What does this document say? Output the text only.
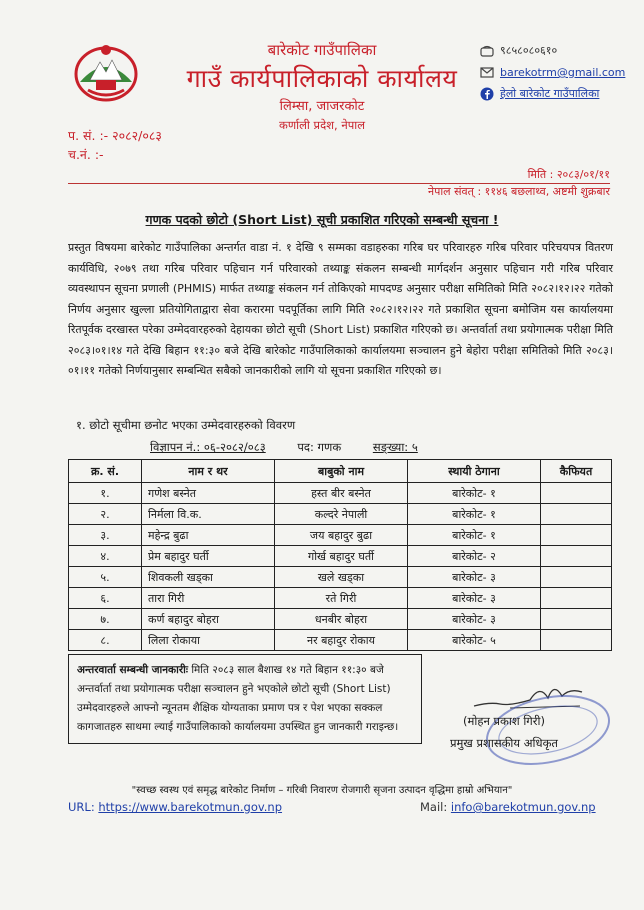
बारेकोट गाउँपालिका
गाउँ कार्यपालिकाको कार्यालय
लिम्सा, जाजरकोट
कर्णाली प्रदेश, नेपाल
९८५८०८०६१०
barekotrm@gmail.com
हेलो बारेकोट गाउँपालिका
प. सं. :- २०८२/०८३
च.नं. :-
मिति : २०८३/०१/११
नेपाल संवत् : ११४६ बछलाथ्व, अष्टमी शुक्रबार
गणक पदको छोटो (Short List) सूची प्रकाशित गरिएको सम्बन्धी सूचना !
प्रस्तुत विषयमा बारेकोट गाउँपालिका अन्तर्गत वाडा नं. १ देखि ९ सम्मका वडाहरुका गरिब घर परिवारहरु गरिब परिवार परिचयपत्र वितरण कार्यविधि, २०७९ तथा गरिब परिवार पहिचान गर्न परिवारको तथ्याङ्क संकलन सम्बन्धी मार्गदर्शन अनुसार पहिचान गरी गरिब परिवार व्यवस्थापन सूचना प्रणाली (PHMIS) मार्फत तथ्याङ्क संकलन गर्न तोकिएको मापदण्ड अनुसार परीक्षा समितिको मिति २०८२।१२।२२ गतेको निर्णय अनुसार खुल्ला प्रतियोगिताद्वारा सेवा करारमा पदपूर्तिका लागि मिति २०८२।१२।२२ गते प्रकाशित सूचना बमोजिम यस कार्यालयमा रितपूर्वक दरखास्त परेका उम्मेदवारहरुको देहायका छोटो सूची (Short List) प्रकाशित गरिएको छ। अन्तर्वार्ता तथा प्रयोगात्मक परीक्षा मिति २०८३।०१।१४ गते देखि बिहान ११:३० बजे देखि बारेकोट गाउँपालिकाको कार्यालयमा सञ्चालन हुने बेहोरा परीक्षा समितिको मिति २०८३।०१।११ गतेको निर्णयानुसार सम्बन्धित सबैको जानकारीको लागि यो सूचना प्रकाशित गरिएको छ।
१. छोटो सूचीमा छनोट भएका उम्मेदवारहरुको विवरण
विज्ञापन नं.: ०६-२०८२/०८३	पद: गणक	सङ्ख्या: ५
क्र. सं.	नाम र थर	बाबुको नाम	स्थायी ठेगाना	कैफियत
१.	गणेश बस्नेत	हस्त बीर बस्नेत	बारेकोट- १	
२.	निर्मला वि.क.	कल्दरे नेपाली	बारेकोट- १	
३.	महेन्द्र बुढा	जय बहादुर बुढा	बारेकोट- १	
४.	प्रेम बहादुर घर्ती	गोर्ख बहादुर घर्ती	बारेकोट- २	
५.	शिवकली खड्का	खले खड्का	बारेकोट- ३	
६.	तारा गिरी	रते गिरी	बारेकोट- ३	
७.	कर्ण बहादुर बोहरा	धनबीर बोहरा	बारेकोट- ३	
८.	लिला रोकाया	नर बहादुर रोकाय	बारेकोट- ५	
अन्तरवार्ता सम्बन्धी जानकारीः मिति २०८३ साल बैशाख १४ गते बिहान ११:३० बजे अन्तर्वार्ता तथा प्रयोगात्मक परीक्षा सञ्चालन हुने भएकोले छोटो सूची (Short List) उम्मेदवारहरुले आफ्नो न्यूनतम शैक्षिक योग्यताका प्रमाण पत्र र पेश भएका सक्कल कागजातहरु साथमा ल्याई गाउँपालिकाको कार्यालयमा उपस्थित हुन जानकारी गराइन्छ।	(मोहन प्रकाश गिरी)
प्रमुख प्रशासकीय अधिकृत
"स्वच्छ स्वस्थ एवं समृद्ध बारेकोट निर्माण – गरिबी निवारण रोजगारी सृजना उत्पादन वृद्धिमा हाम्रो अभियान"
URL: https://www.barekotmun.gov.np	Mail: info@barekotmun.gov.np
